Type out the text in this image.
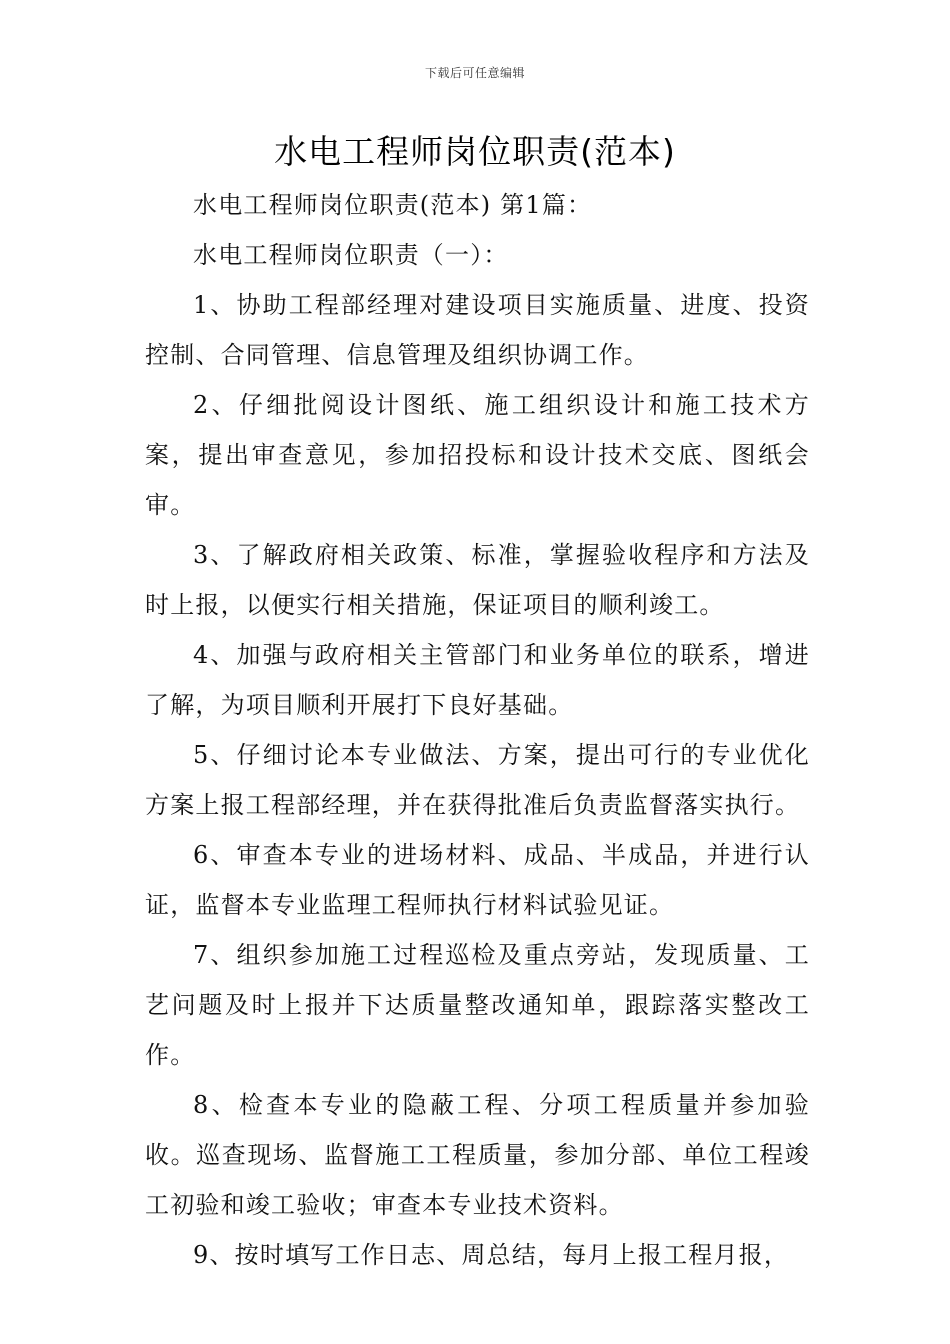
下载后可任意编辑
水电工程师岗位职责(范本)

水电工程师岗位职责(范本) 第1篇：

水电工程师岗位职责（一）：

1、协助工程部经理对建设项目实施质量、进度、投资控制、合同管理、信息管理及组织协调工作。

2、仔细批阅设计图纸、施工组织设计和施工技术方案，提出审查意见，参加招投标和设计技术交底、图纸会审。

3、了解政府相关政策、标准，掌握验收程序和方法及时上报，以便实行相关措施，保证项目的顺利竣工。

4、加强与政府相关主管部门和业务单位的联系，增进了解，为项目顺利开展打下良好基础。

5、仔细讨论本专业做法、方案，提出可行的专业优化方案上报工程部经理，并在获得批准后负责监督落实执行。

6、审查本专业的进场材料、成品、半成品，并进行认证，监督本专业监理工程师执行材料试验见证。

7、组织参加施工过程巡检及重点旁站，发现质量、工艺问题及时上报并下达质量整改通知单，跟踪落实整改工作。

8、检查本专业的隐蔽工程、分项工程质量并参加验收。巡查现场、监督施工工程质量，参加分部、单位工程竣工初验和竣工验收；审查本专业技术资料。

9、按时填写工作日志、周总结，每月上报工程月报，
